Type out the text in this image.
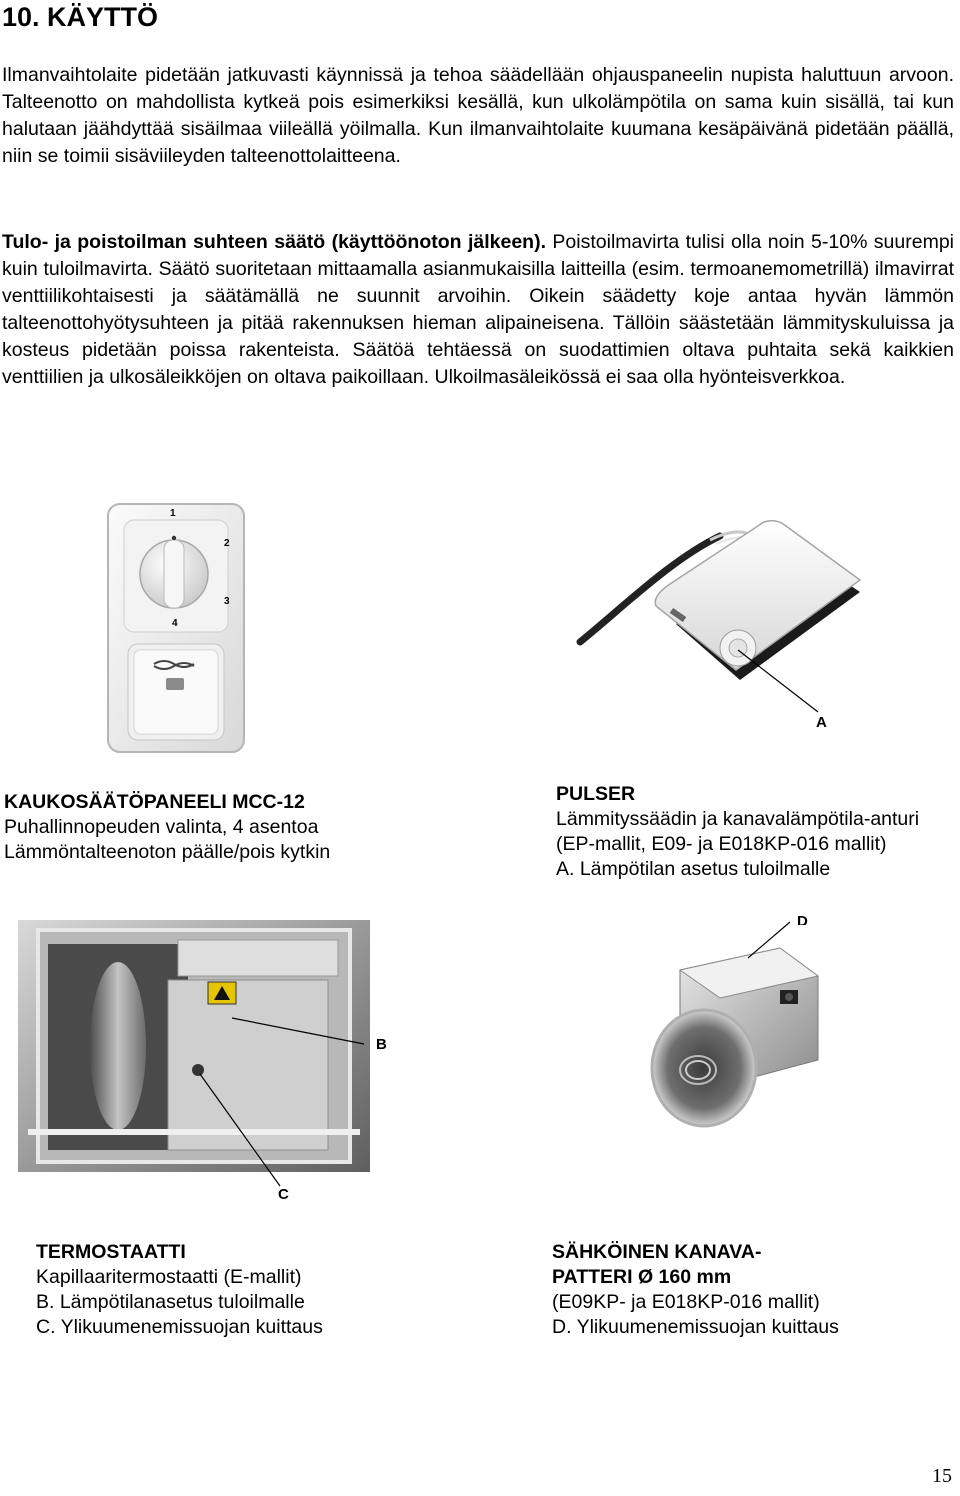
10. KÄYTTÖ

Ilmanvaihtolaite pidetään jatkuvasti käynnissä ja tehoa säädellään ohjauspaneelin nupista haluttuun arvoon. Talteenotto on mahdollista kytkeä pois esimerkiksi kesällä, kun ulkolämpötila on sama kuin sisällä, tai kun halutaan jäähdyttää sisäilmaa viileällä yöilmalla. Kun ilmanvaihtolaite kuumana kesäpäivänä pidetään päällä, niin se toimii sisäviileyden talteenottolaitteena.

Tulo- ja poistoilman suhteen säätö (käyttöönoton jälkeen). Poistoilmavirta tulisi olla noin 5-10% suurempi kuin tuloilmavirta. Säätö suoritetaan mittaamalla asianmukaisilla laitteilla (esim. termoanemometrillä) ilmavirrat venttiilikohtaisesti ja säätämällä ne suunnit arvoihin. Oikein säädetty koje antaa hyvän lämmön talteenottohyötysuhteen ja pitää rakennuksen hieman alipaineisena. Tällöin säästetään lämmityskuluissa ja kosteus pidetään poissa rakenteista. Säätöä tehtäessä on suodattimien oltava puhtaita sekä kaikkien venttiilien ja ulkosäleikköjen on oltava paikoillaan. Ulkoilmasäleikössä ei saa olla hyönteisverkkoa.

1
2
3
4
A
KAUKOSÄÄTÖPANEELI MCC-12
Puhallinnopeuden valinta, 4 asentoa
Lämmöntalteenoton päälle/pois kytkin
PULSER
Lämmityssäädin ja kanavalämpötila-anturi
(EP-mallit, E09- ja E018KP-016 mallit)
A. Lämpötilan asetus tuloilmalle
B
C
D
TERMOSTAATTI
Kapillaaritermostaatti (E-mallit)
B. Lämpötilanasetus tuloilmalle
C. Ylikuumenemissuojan kuittaus
SÄHKÖINEN KANAVA-
PATTERI Ø 160 mm
(E09KP- ja E018KP-016 mallit)
D. Ylikuumenemissuojan kuittaus
15
